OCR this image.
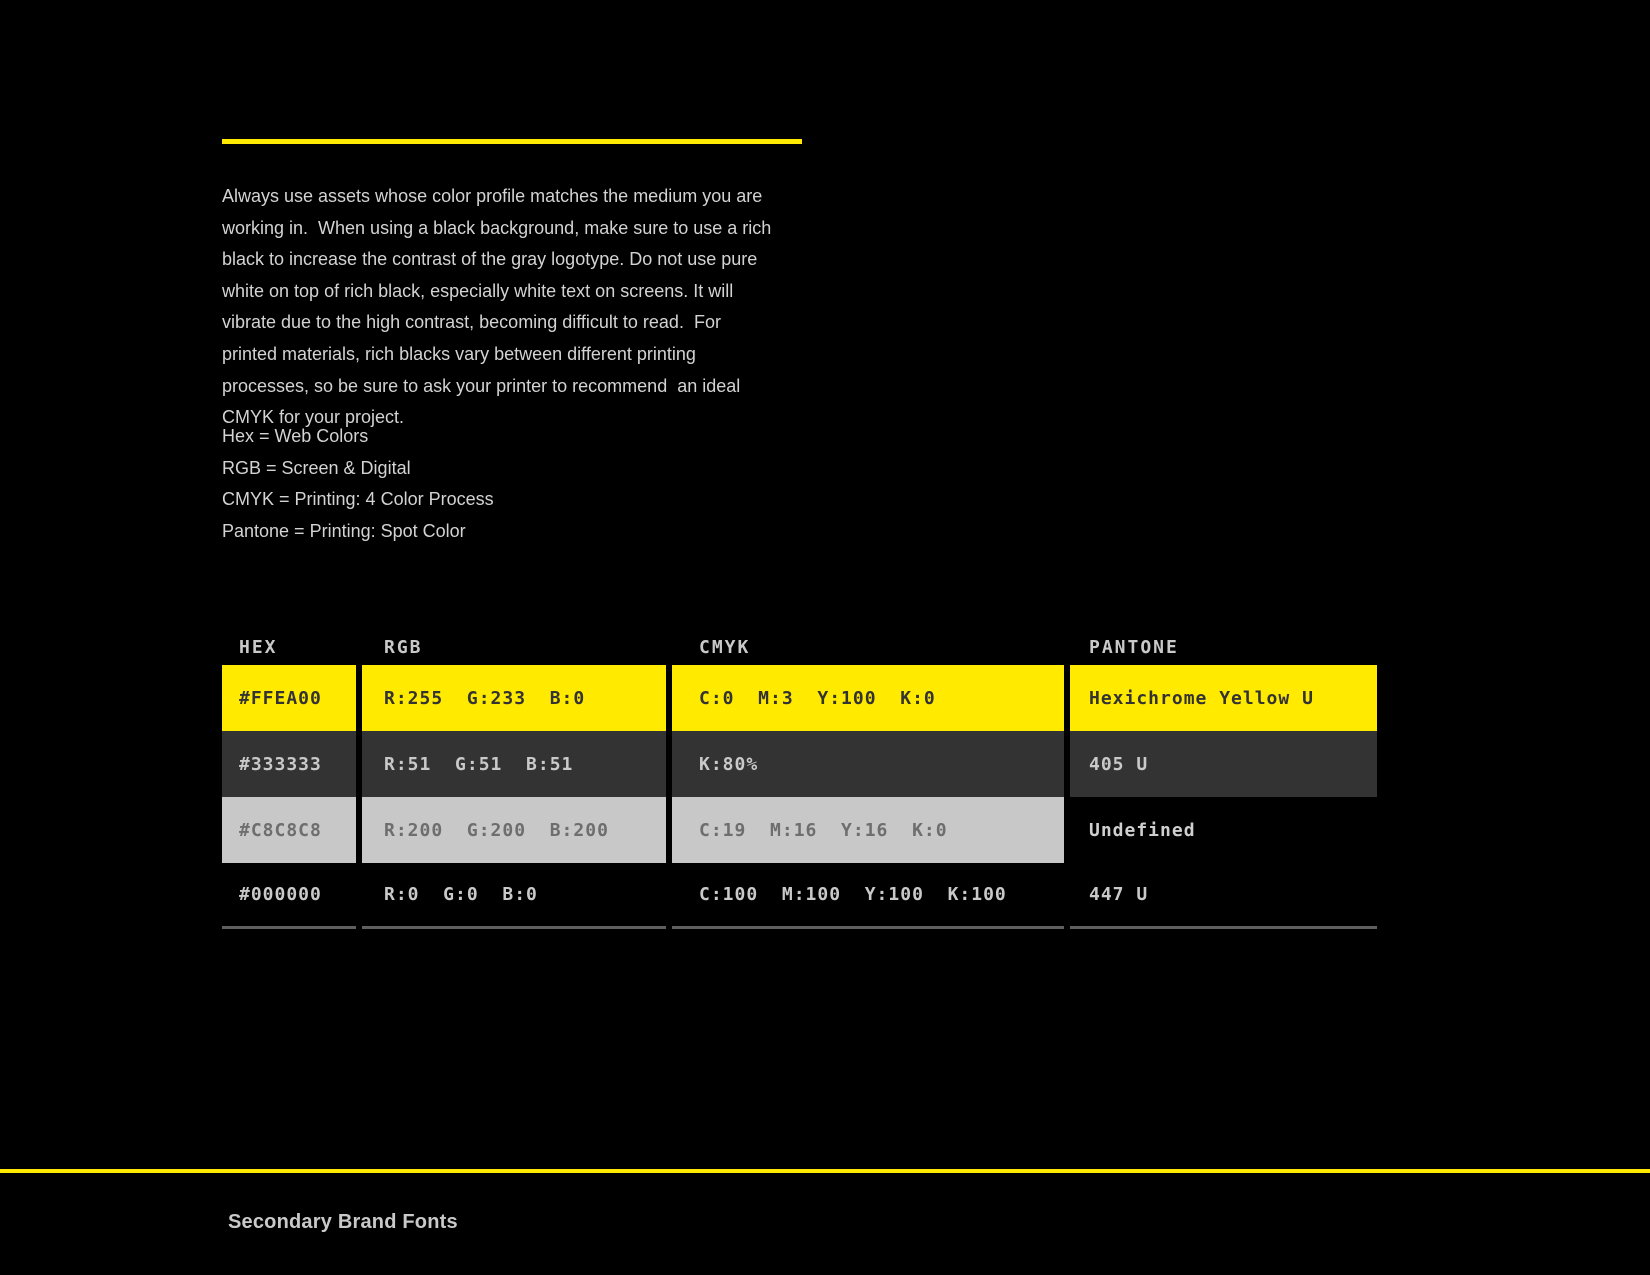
Always use assets whose color profile matches the medium you are working in.  When using a black background, make sure to use a rich black to increase the contrast of the gray logotype. Do not use pure white on top of rich black, especially white text on screens. It will vibrate due to the high contrast, becoming difficult to read.  For printed materials, rich blacks vary between different printing processes, so be sure to ask your printer to recommend  an ideal CMYK for your project.

Hex = Web Colors
RGB = Screen & Digital
CMYK = Printing: 4 Color Process
Pantone = Printing: Spot Color
HEX	RGB	CMYK	PANTONE
#FFEA00	R:255  G:233  B:0	C:0  M:3  Y:100  K:0	Hexichrome Yellow U
#333333	R:51  G:51  B:51	K:80%	405 U
#C8C8C8	R:200  G:200  B:200	C:19  M:16  Y:16  K:0	Undefined
#000000	R:0  G:0  B:0	C:100  M:100  Y:100  K:100	447 U
Secondary Brand Fonts
